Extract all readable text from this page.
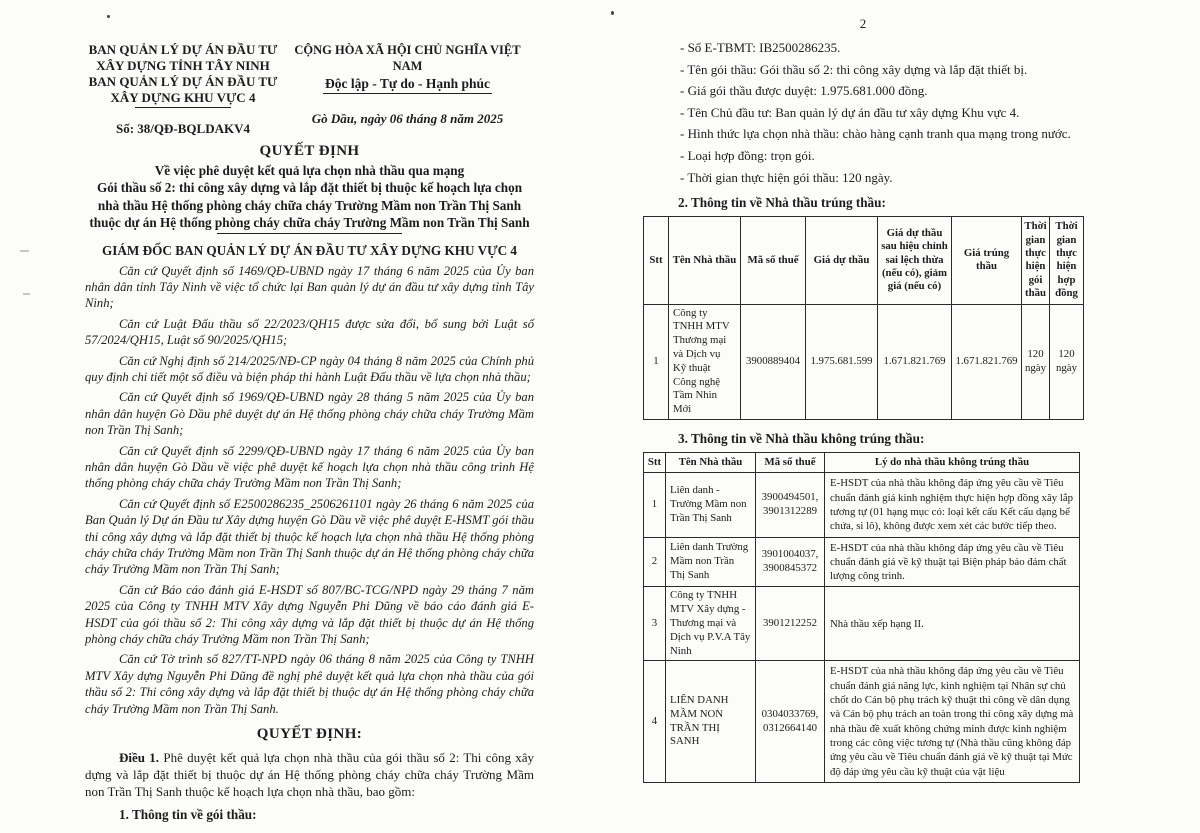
BAN QUẢN LÝ DỰ ÁN ĐẦU TƯ
XÂY DỰNG TỈNH TÂY NINH
BAN QUẢN LÝ DỰ ÁN ĐẦU TƯ
XÂY DỰNG KHU VỰC 4
Số: 38/QĐ-BQLDAKV4
CỘNG HÒA XÃ HỘI CHỦ NGHĨA VIỆT NAM
Độc lập - Tự do - Hạnh phúc
Gò Dầu, ngày 06 tháng 8 năm 2025
QUYẾT ĐỊNH
Về việc phê duyệt kết quả lựa chọn nhà thầu qua mạng
Gói thầu số 2: thi công xây dựng và lắp đặt thiết bị thuộc kế hoạch lựa chọn nhà thầu Hệ thống phòng cháy chữa cháy Trường Mầm non Trần Thị Sanh thuộc dự án Hệ thống phòng cháy chữa cháy Trường Mầm non Trần Thị Sanh
GIÁM ĐỐC BAN QUẢN LÝ DỰ ÁN ĐẦU TƯ XÂY DỰNG KHU VỰC 4

Căn cứ Quyết định số 1469/QĐ-UBND ngày 17 tháng 6 năm 2025 của Ủy ban nhân dân tỉnh Tây Ninh về việc tổ chức lại Ban quản lý dự án đầu tư xây dựng tỉnh Tây Ninh;

Căn cứ Luật Đấu thầu số 22/2023/QH15 được sửa đổi, bổ sung bởi Luật số 57/2024/QH15, Luật số 90/2025/QH15;

Căn cứ Nghị định số 214/2025/NĐ-CP ngày 04 tháng 8 năm 2025 của Chính phủ quy định chi tiết một số điều và biện pháp thi hành Luật Đấu thầu về lựa chọn nhà thầu;

Căn cứ Quyết định số 1969/QĐ-UBND ngày 28 tháng 5 năm 2025 của Ủy ban nhân dân huyện Gò Dầu phê duyệt dự án Hệ thống phòng cháy chữa cháy Trường Mầm non Trần Thị Sanh;

Căn cứ Quyết định số 2299/QĐ-UBND ngày 17 tháng 6 năm 2025 của Ủy ban nhân dân huyện Gò Dầu về việc phê duyệt kế hoạch lựa chọn nhà thầu công trình Hệ thống phòng cháy chữa cháy Trường Mầm non Trần Thị Sanh;

Căn cứ Quyết định số E2500286235_2506261101 ngày 26 tháng 6 năm 2025 của Ban Quản lý Dự án Đầu tư Xây dựng huyện Gò Dầu về việc phê duyệt E-HSMT gói thầu thi công xây dựng và lắp đặt thiết bị thuộc kế hoạch lựa chọn nhà thầu Hệ thống phòng cháy chữa cháy Trường Mầm non Trần Thị Sanh thuộc dự án Hệ thống phòng cháy chữa cháy Trường Mầm non Trần Thị Sanh;

Căn cứ Báo cáo đánh giá E-HSDT số 807/BC-TCG/NPD ngày 29 tháng 7 năm 2025 của Công ty TNHH MTV Xây dựng Nguyễn Phi Dũng về báo cáo đánh giá E-HSDT của gói thầu số 2: Thi công xây dựng và lắp đặt thiết bị thuộc dự án Hệ thống phòng cháy chữa cháy Trường Mầm non Trần Thị Sanh;

Căn cứ Tờ trình số 827/TT-NPD ngày 06 tháng 8 năm 2025 của Công ty TNHH MTV Xây dựng Nguyễn Phi Dũng đề nghị phê duyệt kết quả lựa chọn nhà thầu của gói thầu số 2: Thi công xây dựng và lắp đặt thiết bị thuộc dự án Hệ thống phòng cháy chữa cháy Trường Mầm non Trần Thị Sanh.

QUYẾT ĐỊNH:

Điều 1. Phê duyệt kết quả lựa chọn nhà thầu của gói thầu số 2: Thi công xây dựng và lắp đặt thiết bị thuộc dự án Hệ thống phòng cháy chữa cháy Trường Mầm non Trần Thị Sanh thuộc kế hoạch lựa chọn nhà thầu, bao gồm:

1. Thông tin về gói thầu:
2
- Số E-TBMT: IB2500286235.
- Tên gói thầu: Gói thầu số 2: thi công xây dựng và lắp đặt thiết bị.
- Giá gói thầu được duyệt: 1.975.681.000 đồng.
- Tên Chủ đầu tư: Ban quản lý dự án đầu tư xây dựng Khu vực 4.
- Hình thức lựa chọn nhà thầu: chào hàng cạnh tranh qua mạng trong nước.
- Loại hợp đồng: trọn gói.
- Thời gian thực hiện gói thầu: 120 ngày.
2. Thông tin về Nhà thầu trúng thầu:
Stt	Tên Nhà thầu	Mã số thuế	Giá dự thầu	Giá dự thầu sau hiệu chỉnh sai lệch thừa (nếu có), giảm giá (nếu có)	Giá trúng thầu	Thời gian thực hiện gói thầu	Thời gian thực hiện hợp đồng
1	Công ty TNHH MTV Thương mại và Dịch vụ Kỹ thuật Công nghệ Tầm Nhìn Mới	3900889404	1.975.681.599	1.671.821.769	1.671.821.769	120 ngày	120 ngày
3. Thông tin về Nhà thầu không trúng thầu:
Stt	Tên Nhà thầu	Mã số thuế	Lý do nhà thầu không trúng thầu
1	Liên danh - Trường Mầm non Trần Thị Sanh	3900494501, 3901312289	E-HSDT của nhà thầu không đáp ứng yêu cầu về Tiêu chuẩn đánh giá kinh nghiệm thực hiện hợp đồng xây lắp tương tự (01 hạng mục có: loại kết cấu Kết cấu dạng bể chứa, si lô), không được xem xét các bước tiếp theo.
2	Liên danh Trường Mầm non Trần Thị Sanh	3901004037, 3900845372	E-HSDT của nhà thầu không đáp ứng yêu cầu về Tiêu chuẩn đánh giá về kỹ thuật tại Biện pháp bảo đảm chất lượng công trình.
3	Công ty TNHH MTV Xây dựng - Thương mại và Dịch vụ P.V.A Tây Ninh	3901212252	Nhà thầu xếp hạng II.
4	LIÊN DANH MẦM NON TRẦN THỊ SANH	0304033769, 0312664140	E-HSDT của nhà thầu không đáp ứng yêu cầu về Tiêu chuẩn đánh giá năng lực, kinh nghiệm tại Nhân sự chủ chốt do Cán bộ phụ trách kỹ thuật thi công về dân dụng và Cán bộ phụ trách an toàn trong thi công xây dựng mà nhà thầu đề xuất không chứng minh được kinh nghiệm trong các công việc tương tự (Nhà thầu cũng không đáp ứng yêu cầu về Tiêu chuẩn đánh giá về kỹ thuật tại Mức độ đáp ứng yêu cầu kỹ thuật của vật liệu
